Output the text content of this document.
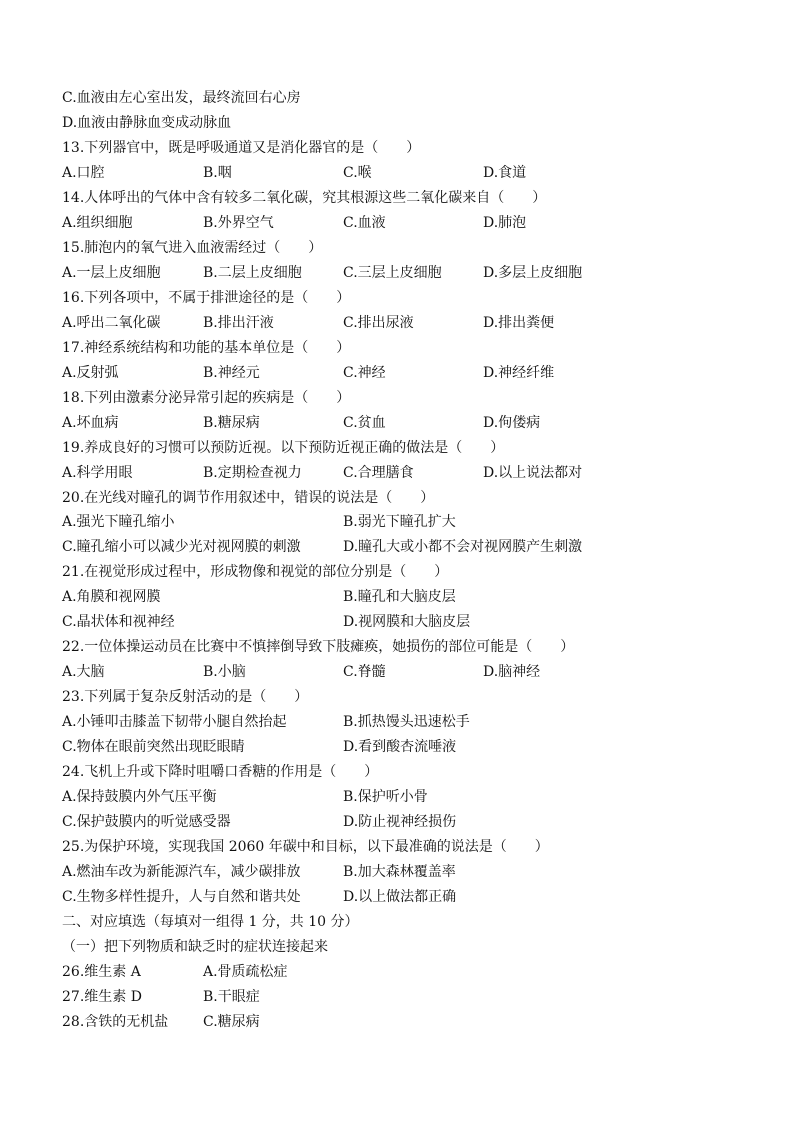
C.血液由左心室出发，最终流回右心房
D.血液由静脉血变成动脉血
13.下列器官中，既是呼吸通道又是消化器官的是（　　）
A.口腔	B.咽	C.喉	D.食道
14.人体呼出的气体中含有较多二氧化碳，究其根源这些二氧化碳来自（　　）
A.组织细胞	B.外界空气	C.血液	D.肺泡
15.肺泡内的氧气进入血液需经过（　　）
A.一层上皮细胞	B.二层上皮细胞	C.三层上皮细胞	D.多层上皮细胞
16.下列各项中，不属于排泄途径的是（　　）
A.呼出二氧化碳	B.排出汗液	C.排出尿液	D.排出粪便
17.神经系统结构和功能的基本单位是（　　）
A.反射弧	B.神经元	C.神经	D.神经纤维
18.下列由激素分泌异常引起的疾病是（　　）
A.坏血病	B.糖尿病	C.贫血	D.佝偻病
19.养成良好的习惯可以预防近视。以下预防近视正确的做法是（　　）
A.科学用眼	B.定期检查视力	C.合理膳食	D.以上说法都对
20.在光线对瞳孔的调节作用叙述中，错误的说法是（　　）
A.强光下瞳孔缩小	B.弱光下瞳孔扩大
C.瞳孔缩小可以减少光对视网膜的刺激	D.瞳孔大或小都不会对视网膜产生刺激
21.在视觉形成过程中，形成物像和视觉的部位分别是（　　）
A.角膜和视网膜	B.瞳孔和大脑皮层
C.晶状体和视神经	D.视网膜和大脑皮层
22.一位体操运动员在比赛中不慎摔倒导致下肢瘫痪，她损伤的部位可能是（　　）
A.大脑	B.小脑	C.脊髓	D.脑神经
23.下列属于复杂反射活动的是（　　）
A.小锤叩击膝盖下韧带小腿自然抬起	B.抓热馒头迅速松手
C.物体在眼前突然出现眨眼睛	D.看到酸杏流唾液
24.飞机上升或下降时咀嚼口香糖的作用是（　　）
A.保持鼓膜内外气压平衡	B.保护听小骨
C.保护鼓膜内的听觉感受器	D.防止视神经损伤
25.为保护环境，实现我国 2060 年碳中和目标，以下最准确的说法是（　　）
A.燃油车改为新能源汽车，减少碳排放	B.加大森林覆盖率
C.生物多样性提升，人与自然和谐共处	D.以上做法都正确
二、对应填选（每填对一组得 1 分，共 10 分）
（一）把下列物质和缺乏时的症状连接起来
26.维生素 A	A.骨质疏松症
27.维生素 D	B.干眼症
28.含铁的无机盐 C.糖尿病
